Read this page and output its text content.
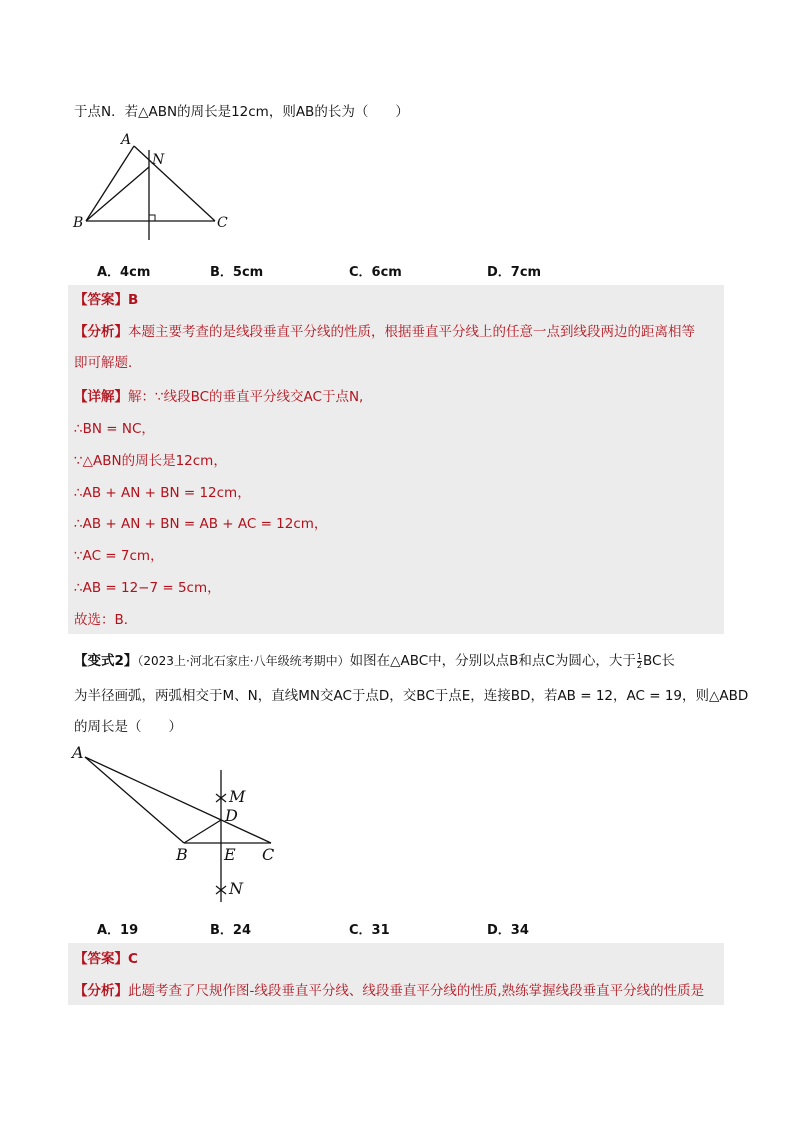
于点N．若△ABN的周长是12cm，则AB的长为（　　）
A
N
B	C
A．4cm	B．5cm	C．6cm	D．7cm
【答案】B
【分析】本题主要考查的是线段垂直平分线的性质，根据垂直平分线上的任意一点到线段两边的距离相等
即可解题．
【详解】解：∵线段BC的垂直平分线交AC于点N,
∴BN = NC，
∵△ABN的周长是12cm，
∴AB + AN + BN = 12cm，
∴AB + AN + BN = AB + AC = 12cm，
∵AC = 7cm，
∴AB = 12−7 = 5cm，
故选：B．
【变式2】（2023上·河北石家庄·八年级统考期中）如图在△ABC中，分别以点B和点C为圆心，大于 $\frac{1}{2}$ BC长
为半径画弧，两弧相交于M、N，直线MN交AC于点D，交BC于点E，连接BD，若AB = 12，AC = 19，则△ABD
的周长是（　　）
A
M
D
B E C
N
A．19	B．24	C．31	D．34
【答案】C
【分析】此题考查了尺规作图-线段垂直平分线、线段垂直平分线的性质,熟练掌握线段垂直平分线的性质是
